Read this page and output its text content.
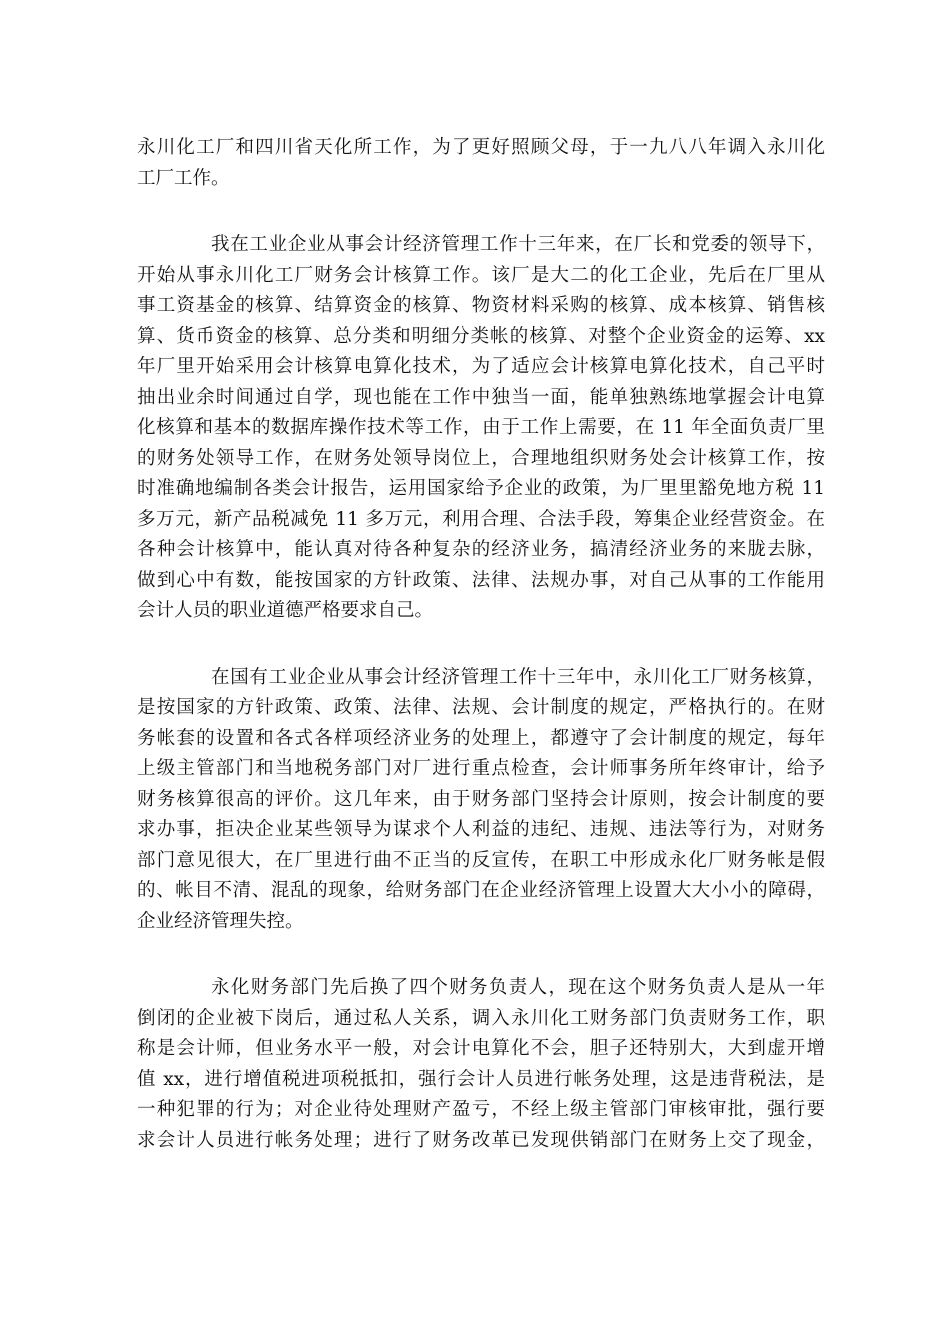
永川化工厂和四川省天化所工作，为了更好照顾父母，于一九八八年调入永川化
工厂工作。

我在工业企业从事会计经济管理工作十三年来，在厂长和党委的领导下，
开始从事永川化工厂财务会计核算工作。该厂是大二的化工企业，先后在厂里从
事工资基金的核算、结算资金的核算、物资材料采购的核算、成本核算、销售核
算、货币资金的核算、总分类和明细分类帐的核算、对整个企业资金的运筹、xx
年厂里开始采用会计核算电算化技术，为了适应会计核算电算化技术，自己平时
抽出业余时间通过自学，现也能在工作中独当一面，能单独熟练地掌握会计电算
化核算和基本的数据库操作技术等工作，由于工作上需要，在 11 年全面负责厂里
的财务处领导工作，在财务处领导岗位上，合理地组织财务处会计核算工作，按
时准确地编制各类会计报告，运用国家给予企业的政策，为厂里里豁免地方税 11
多万元，新产品税减免 11 多万元，利用合理、合法手段，筹集企业经营资金。在
各种会计核算中，能认真对待各种复杂的经济业务，搞清经济业务的来胧去脉，
做到心中有数，能按国家的方针政策、法律、法规办事，对自己从事的工作能用
会计人员的职业道德严格要求自己。

在国有工业企业从事会计经济管理工作十三年中，永川化工厂财务核算，
是按国家的方针政策、政策、法律、法规、会计制度的规定，严格执行的。在财
务帐套的设置和各式各样项经济业务的处理上，都遵守了会计制度的规定，每年
上级主管部门和当地税务部门对厂进行重点检查，会计师事务所年终审计，给予
财务核算很高的评价。这几年来，由于财务部门坚持会计原则，按会计制度的要
求办事，拒决企业某些领导为谋求个人利益的违纪、违规、违法等行为，对财务
部门意见很大，在厂里进行曲不正当的反宣传，在职工中形成永化厂财务帐是假
的、帐目不清、混乱的现象，给财务部门在企业经济管理上设置大大小小的障碍，
企业经济管理失控。

永化财务部门先后换了四个财务负责人，现在这个财务负责人是从一年
倒闭的企业被下岗后，通过私人关系，调入永川化工财务部门负责财务工作，职
称是会计师，但业务水平一般，对会计电算化不会，胆子还特别大，大到虚开增
值 xx，进行增值税进项税抵扣，强行会计人员进行帐务处理，这是违背税法，是
一种犯罪的行为；对企业待处理财产盈亏，不经上级主管部门审核审批，强行要
求会计人员进行帐务处理；进行了财务改革已发现供销部门在财务上交了现金，
